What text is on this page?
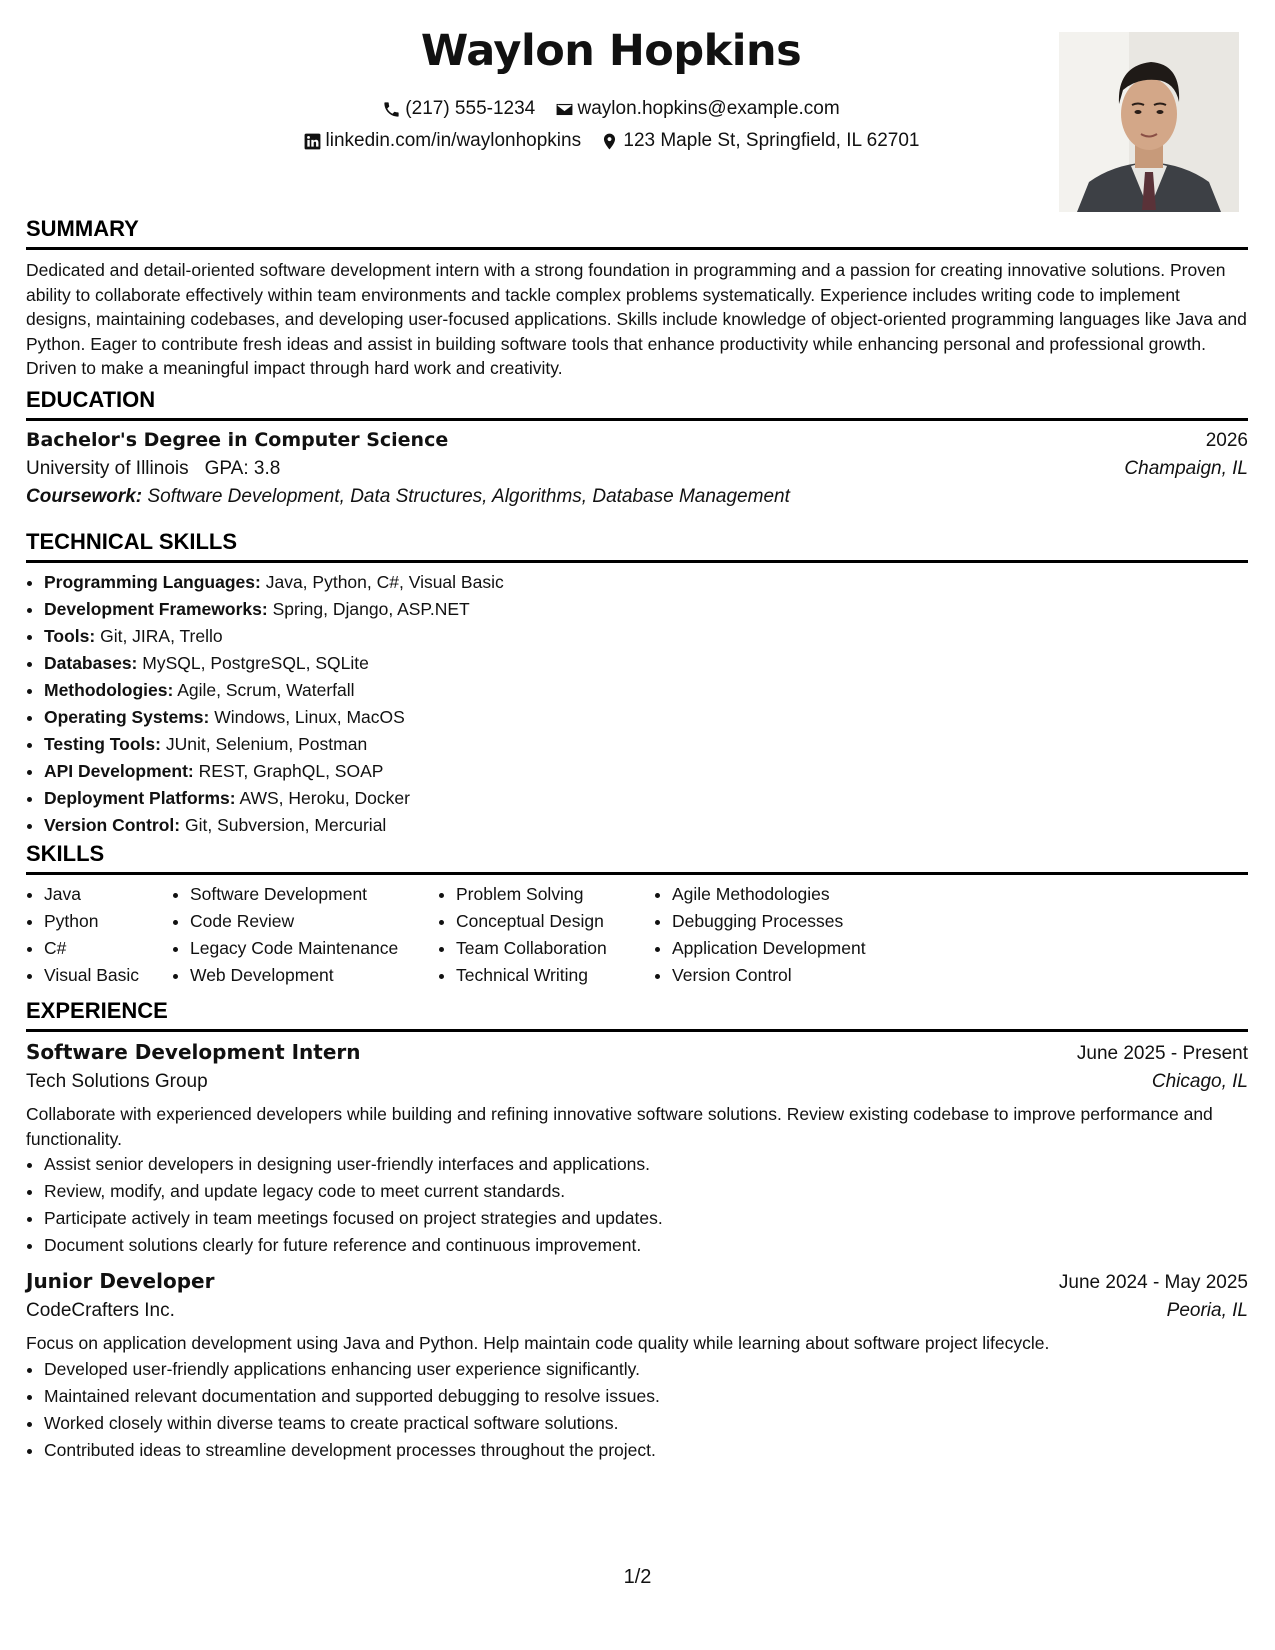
Waylon Hopkins
(217) 555-1234
waylon.hopkins@example.com
linkedin.com/in/waylonhopkins
123 Maple St, Springfield, IL 62701
SUMMARY
Dedicated and detail-oriented software development intern with a strong foundation in programming and a passion for creating innovative solutions. Proven ability to collaborate effectively within team environments and tackle complex problems systematically. Experience includes writing code to implement designs, maintaining codebases, and developing user-focused applications. Skills include knowledge of object-oriented programming languages like Java and Python. Eager to contribute fresh ideas and assist in building software tools that enhance productivity while enhancing personal and professional growth. Driven to make a meaningful impact through hard work and creativity.
EDUCATION
Bachelor's Degree in Computer Science	2026
University of Illinois GPA: 3.8	Champaign, IL
Coursework: Software Development, Data Structures, Algorithms, Database Management
TECHNICAL SKILLS
• Programming Languages: Java, Python, C#, Visual Basic
• Development Frameworks: Spring, Django, ASP.NET
• Tools: Git, JIRA, Trello
• Databases: MySQL, PostgreSQL, SQLite
• Methodologies: Agile, Scrum, Waterfall
• Operating Systems: Windows, Linux, MacOS
• Testing Tools: JUnit, Selenium, Postman
• API Development: REST, GraphQL, SOAP
• Deployment Platforms: AWS, Heroku, Docker
• Version Control: Git, Subversion, Mercurial
SKILLS
• Java
• Python
• C#
• Visual Basic
• Software Development
• Code Review
• Legacy Code Maintenance
• Web Development
• Problem Solving
• Conceptual Design
• Team Collaboration
• Technical Writing
• Agile Methodologies
• Debugging Processes
• Application Development
• Version Control
EXPERIENCE
Software Development Intern	June 2025 - Present
Tech Solutions Group	Chicago, IL
Collaborate with experienced developers while building and refining innovative software solutions. Review existing codebase to improve performance and functionality.
• Assist senior developers in designing user-friendly interfaces and applications.
• Review, modify, and update legacy code to meet current standards.
• Participate actively in team meetings focused on project strategies and updates.
• Document solutions clearly for future reference and continuous improvement.
Junior Developer	June 2024 - May 2025
CodeCrafters Inc.	Peoria, IL
Focus on application development using Java and Python. Help maintain code quality while learning about software project lifecycle.
• Developed user-friendly applications enhancing user experience significantly.
• Maintained relevant documentation and supported debugging to resolve issues.
• Worked closely within diverse teams to create practical software solutions.
• Contributed ideas to streamline development processes throughout the project.
1/2
